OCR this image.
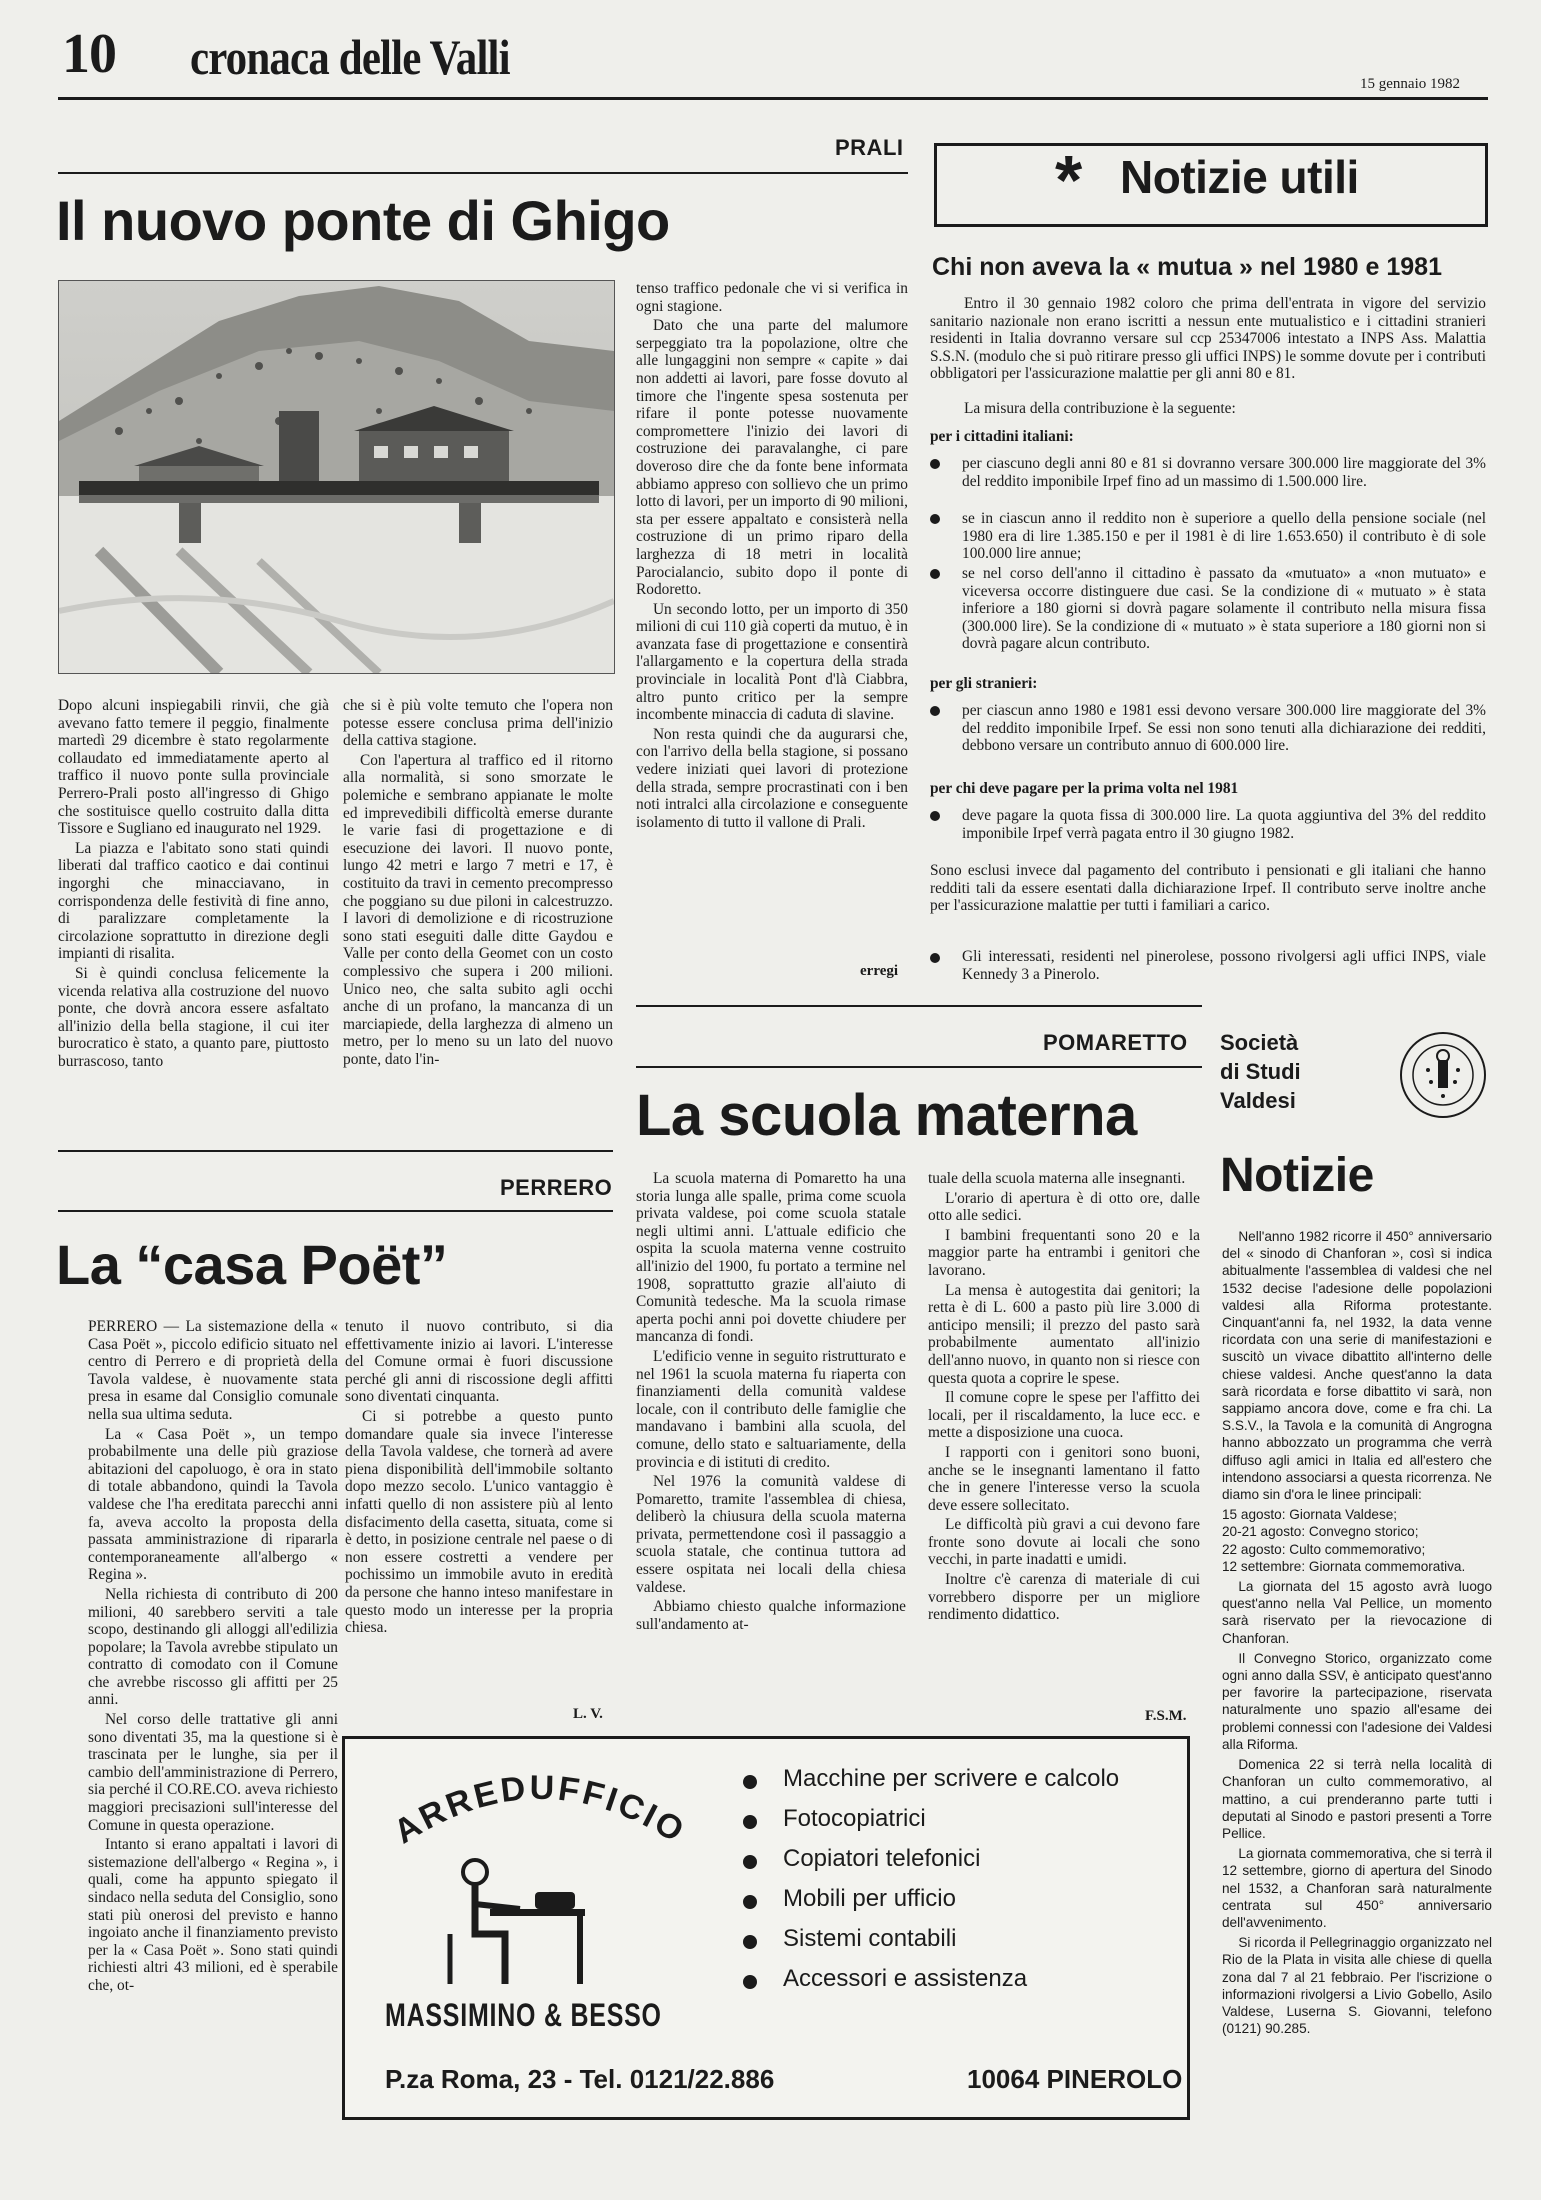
10 cronaca delle Valli	15 gennaio 1982
PRALI
Il nuovo ponte di Ghigo

Dopo alcuni inspiegabili rinvii, che già avevano fatto temere il peggio, finalmente martedì 29 dicembre è stato regolarmente collaudato ed immediatamente aperto al traffico il nuovo ponte sulla provinciale Perrero-Prali posto all'ingresso di Ghigo che sostituisce quello costruito dalla ditta Tissore e Sugliano ed inaugurato nel 1929.

La piazza e l'abitato sono stati quindi liberati dal traffico caotico e dai continui ingorghi che minacciavano, in corrispondenza delle festività di fine anno, di paralizzare completamente la circolazione soprattutto in direzione degli impianti di risalita.

Si è quindi conclusa felicemente la vicenda relativa alla costruzione del nuovo ponte, che dovrà ancora essere asfaltato all'inizio della bella stagione, il cui iter burocratico è stato, a quanto pare, piuttosto burrascoso, tanto

che si è più volte temuto che l'opera non potesse essere conclusa prima dell'inizio della cattiva stagione.

Con l'apertura al traffico ed il ritorno alla normalità, si sono smorzate le polemiche e sembrano appianate le molte ed imprevedibili difficoltà emerse durante le varie fasi di progettazione e di esecuzione dei lavori. Il nuovo ponte, lungo 42 metri e largo 7 metri e 17, è costituito da travi in cemento precompresso che poggiano su due piloni in calcestruzzo. I lavori di demolizione e di ricostruzione sono stati eseguiti dalle ditte Gaydou e Valle per conto della Geomet con un costo complessivo che supera i 200 milioni. Unico neo, che salta subito agli occhi anche di un profano, la mancanza di un marciapiede, della larghezza di almeno un metro, per lo meno su un lato del nuovo ponte, dato l'in-

tenso traffico pedonale che vi si verifica in ogni stagione.

Dato che una parte del malumore serpeggiato tra la popolazione, oltre che alle lungaggini non sempre « capite » dai non addetti ai lavori, pare fosse dovuto al timore che l'ingente spesa sostenuta per rifare il ponte potesse nuovamente compromettere l'inizio dei lavori di costruzione dei paravalanghe, ci pare doveroso dire che da fonte bene informata abbiamo appreso con sollievo che un primo lotto di lavori, per un importo di 90 milioni, sta per essere appaltato e consisterà nella costruzione di un primo riparo della larghezza di 18 metri in località Parocialancio, subito dopo il ponte di Rodoretto.

Un secondo lotto, per un importo di 350 milioni di cui 110 già coperti da mutuo, è in avanzata fase di progettazione e consentirà l'allargamento e la copertura della strada provinciale in località Pont d'là Ciabbra, altro punto critico per la sempre incombente minaccia di caduta di slavine.

Non resta quindi che da augurarsi che, con l'arrivo della bella stagione, si possano vedere iniziati quei lavori di protezione della strada, sempre procrastinati con i ben noti intralci alla circolazione e conseguente isolamento di tutto il vallone di Prali.

erregi
* Notizie utili
Chi non aveva la « mutua » nel 1980 e 1981
Entro il 30 gennaio 1982 coloro che prima dell'entrata in vigore del servizio sanitario nazionale non erano iscritti a nessun ente mutualistico e i cittadini stranieri residenti in Italia dovranno versare sul ccp 25347006 intestato a INPS Ass. Malattia S.S.N. (modulo che si può ritirare presso gli uffici INPS) le somme dovute per i contributi obbligatori per l'assicurazione malattie per gli anni 80 e 81.
La misura della contribuzione è la seguente:
per i cittadini italiani:
per ciascuno degli anni 80 e 81 si dovranno versare 300.000 lire maggiorate del 3% del reddito imponibile Irpef fino ad un massimo di 1.500.000 lire.
se in ciascun anno il reddito non è superiore a quello della pensione sociale (nel 1980 era di lire 1.385.150 e per il 1981 è di lire 1.653.650) il contributo è di sole 100.000 lire annue;
se nel corso dell'anno il cittadino è passato da «mutuato» a «non mutuato» e viceversa occorre distinguere due casi. Se la condizione di « mutuato » è stata inferiore a 180 giorni si dovrà pagare solamente il contributo nella misura fissa (300.000 lire). Se la condizione di « mutuato » è stata superiore a 180 giorni non si dovrà pagare alcun contributo.
per gli stranieri:
per ciascun anno 1980 e 1981 essi devono versare 300.000 lire maggiorate del 3% del reddito imponibile Irpef. Se essi non sono tenuti alla dichiarazione dei redditi, debbono versare un contributo annuo di 600.000 lire.
per chi deve pagare per la prima volta nel 1981
deve pagare la quota fissa di 300.000 lire. La quota aggiuntiva del 3% del reddito imponibile Irpef verrà pagata entro il 30 giugno 1982.
Sono esclusi invece dal pagamento del contributo i pensionati e gli italiani che hanno redditi tali da essere esentati dalla dichiarazione Irpef. Il contributo serve inoltre anche per l'assicurazione malattie per tutti i familiari a carico.
Gli interessati, residenti nel pinerolese, possono rivolgersi agli uffici INPS, viale Kennedy 3 a Pinerolo.
POMARETTO
La scuola materna

La scuola materna di Pomaretto ha una storia lunga alle spalle, prima come scuola privata valdese, poi come scuola statale negli ultimi anni. L'attuale edificio che ospita la scuola materna venne costruito all'inizio del 1900, fu portato a termine nel 1908, soprattutto grazie all'aiuto di Comunità tedesche. Ma la scuola rimase aperta pochi anni poi dovette chiudere per mancanza di fondi.

L'edificio venne in seguito ristrutturato e nel 1961 la scuola materna fu riaperta con finanziamenti della comunità valdese locale, con il contributo delle famiglie che mandavano i bambini alla scuola, del comune, dello stato e saltuariamente, della provincia e di istituti di credito.

Nel 1976 la comunità valdese di Pomaretto, tramite l'assemblea di chiesa, deliberò la chiusura della scuola materna privata, permettendone così il passaggio a scuola statale, che continua tuttora ad essere ospitata nei locali della chiesa valdese.

Abbiamo chiesto qualche informazione sull'andamento at-

tuale della scuola materna alle insegnanti.

L'orario di apertura è di otto ore, dalle otto alle sedici.

I bambini frequentanti sono 20 e la maggior parte ha entrambi i genitori che lavorano.

La mensa è autogestita dai genitori; la retta è di L. 600 a pasto più lire 3.000 di anticipo mensili; il prezzo del pasto sarà probabilmente aumentato all'inizio dell'anno nuovo, in quanto non si riesce con questa quota a coprire le spese.

Il comune copre le spese per l'affitto dei locali, per il riscaldamento, la luce ecc. e mette a disposizione una cuoca.

I rapporti con i genitori sono buoni, anche se le insegnanti lamentano il fatto che in genere l'interesse verso la scuola deve essere sollecitato.

Le difficoltà più gravi a cui devono fare fronte sono dovute ai locali che sono vecchi, in parte inadatti e umidi.

Inoltre c'è carenza di materiale di cui vorrebbero disporre per un migliore rendimento didattico.

F.S.M.
Società
di Studi
Valdesi
Notizie

Nell'anno 1982 ricorre il 450° anniversario del « sinodo di Chanforan », così si indica abitualmente l'assemblea di valdesi che nel 1532 decise l'adesione delle popolazioni valdesi alla Riforma protestante. Cinquant'anni fa, nel 1932, la data venne ricordata con una serie di manifestazioni e suscitò un vivace dibattito all'interno delle chiese valdesi. Anche quest'anno la data sarà ricordata e forse dibattito vi sarà, non sappiamo ancora dove, come e fra chi. La S.S.V., la Tavola e la comunità di Angrogna hanno abbozzato un programma che verrà diffuso agli amici in Italia ed all'estero che intendono associarsi a questa ricorrenza. Ne diamo sin d'ora le linee principali:

15 agosto: Giornata Valdese;

20-21 agosto: Convegno storico;

22 agosto: Culto commemorativo;

12 settembre: Giornata commemorativa.

La giornata del 15 agosto avrà luogo quest'anno nella Val Pellice, un momento sarà riservato per la rievocazione di Chanforan.

Il Convegno Storico, organizzato come ogni anno dalla SSV, è anticipato quest'anno per favorire la partecipazione, riservata naturalmente uno spazio all'esame dei problemi connessi con l'adesione dei Valdesi alla Riforma.

Domenica 22 si terrà nella località di Chanforan un culto commemorativo, al mattino, a cui prenderanno parte tutti i deputati al Sinodo e pastori presenti a Torre Pellice.

La giornata commemorativa, che si terrà il 12 settembre, giorno di apertura del Sinodo nel 1532, a Chanforan sarà naturalmente centrata sul 450° anniversario dell'avvenimento.

Si ricorda il Pellegrinaggio organizzato nel Rio de la Plata in visita alle chiese di quella zona dal 7 al 21 febbraio. Per l'iscrizione o informazioni rivolgersi a Livio Gobello, Asilo Valdese, Luserna S. Giovanni, telefono (0121) 90.285.

PERRERO
La “casa Poët”

PERRERO — La sistemazione della « Casa Poët », piccolo edificio situato nel centro di Perrero e di proprietà della Tavola valdese, è nuovamente stata presa in esame dal Consiglio comunale nella sua ultima seduta.

La « Casa Poët », un tempo probabilmente una delle più graziose abitazioni del capoluogo, è ora in stato di totale abbandono, quindi la Tavola valdese che l'ha ereditata parecchi anni fa, aveva accolto la proposta della passata amministrazione di ripararla contemporaneamente all'albergo « Regina ».

Nella richiesta di contributo di 200 milioni, 40 sarebbero serviti a tale scopo, destinando gli alloggi all'edilizia popolare; la Tavola avrebbe stipulato un contratto di comodato con il Comune che avrebbe riscosso gli affitti per 25 anni.

Nel corso delle trattative gli anni sono diventati 35, ma la questione si è trascinata per le lunghe, sia per il cambio dell'amministrazione di Perrero, sia perché il CO.RE.CO. aveva richiesto maggiori precisazioni sull'interesse del Comune in questa operazione.

Intanto si erano appaltati i lavori di sistemazione dell'albergo « Regina », i quali, come ha appunto spiegato il sindaco nella seduta del Consiglio, sono stati più onerosi del previsto e hanno ingoiato anche il finanziamento previsto per la « Casa Poët ». Sono stati quindi richiesti altri 43 milioni, ed è sperabile che, ot-

tenuto il nuovo contributo, si dia effettivamente inizio ai lavori. L'interesse del Comune ormai è fuori discussione perché gli anni di riscossione degli affitti sono diventati cinquanta.

Ci si potrebbe a questo punto domandare quale sia invece l'interesse della Tavola valdese, che tornerà ad avere piena disponibilità dell'immobile soltanto dopo mezzo secolo. L'unico vantaggio è infatti quello di non assistere più al lento disfacimento della casetta, situata, come si è detto, in posizione centrale nel paese o di non essere costretti a vendere per pochissimo un immobile avuto in eredità da persone che hanno inteso manifestare in questo modo un interesse per la propria chiesa.

L. V.
ARREDUFFICIO
MASSIMINO & BESSO
P.za Roma, 23 - Tel. 0121/22.886	10064 PINEROLO
Macchine per scrivere e calcolo
Fotocopiatrici
Copiatori telefonici
Mobili per ufficio
Sistemi contabili
Accessori e assistenza
